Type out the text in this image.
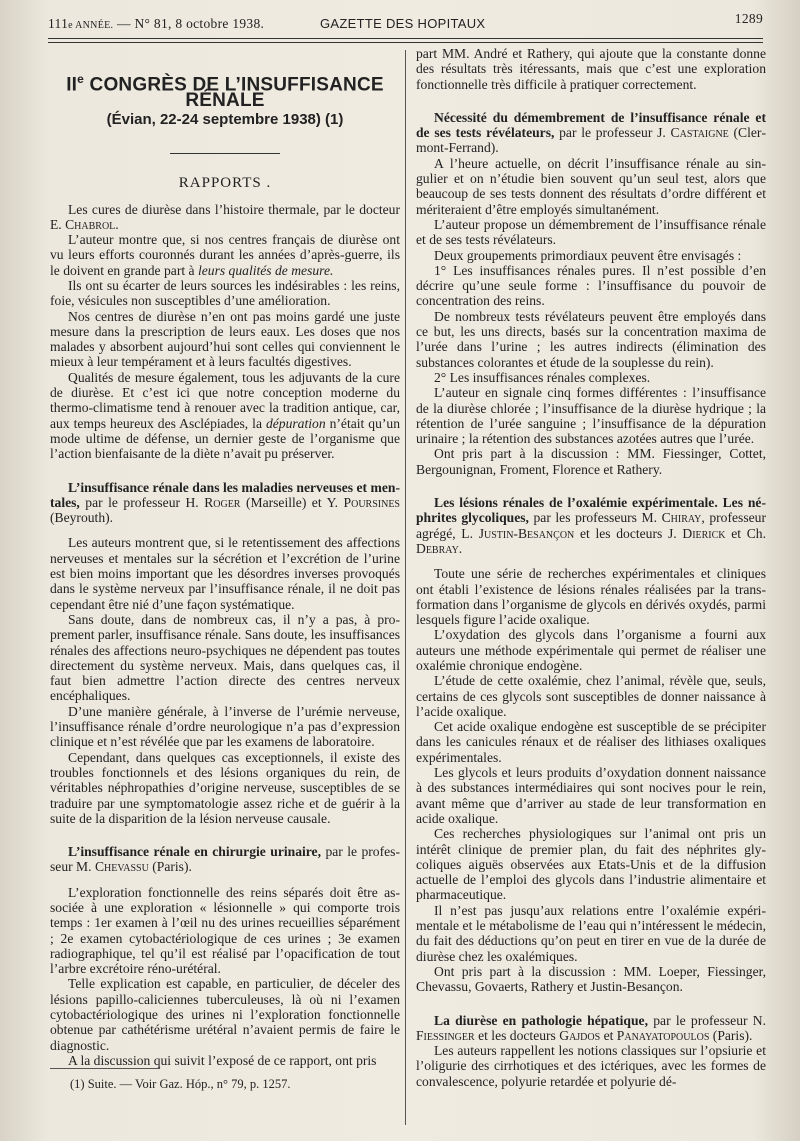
111e ANNÉE. — N° 81, 8 octobre 1938.	GAZETTE DES HOPITAUX	1289
IIe CONGRÈS DE L’INSUFFISANCE RÉNALE
(Évian, 22-24 septembre 1938) (1)
RAPPORTS .

Les cures de diurèse dans l’histoire thermale, par le docteur E. Chabrol.

L’auteur montre que, si nos centres français de diurèse ont vu leurs efforts couronnés durant les années d’après-guerre, ils le doivent en grande part à leurs qualités de mesure.

Ils ont su écarter de leurs sources les indésirables : les reins, foie, vésicules non susceptibles d’une amélioration.

Nos centres de diurèse n’en ont pas moins gardé une juste mesure dans la prescription de leurs eaux. Les doses que nos malades y absorbent aujourd’hui sont celles qui conviennent le mieux à leur tempérament et à leurs facultés digestives.

Qualités de mesure également, tous les adjuvants de la cure de diurèse. Et c’est ici que notre conception moderne du thermo-climatisme tend à renouer avec la tradition antique, car, aux temps heureux des Asclépiades, la dépuration n’était qu’un mode ultime de défense, un dernier geste de l’organisme que l’action bienfaisante de la diète n’avait pu préserver.

L’insuffisance rénale dans les maladies nerveuses et mentales, par le professeur H. Roger (Marseille) et Y. Poursines (Beyrouth).

Les auteurs montrent que, si le retentissement des affections nerveuses et mentales sur la sécrétion et l’excrétion de l’urine est bien moins important que les désordres inverses provoqués dans le système nerveux par l’insuffisance rénale, il ne doit pas cependant être nié d’une façon systématique.

Sans doute, dans de nombreux cas, il n’y a pas, à proprement parler, insuffisance rénale. Sans doute, les insuffisances rénales des affections neuro-psychiques ne dépendent pas toutes directement du système nerveux. Mais, dans quelques cas, il faut bien admettre l’action directe des centres nerveux encéphaliques.

D’une manière générale, à l’inverse de l’urémie nerveuse, l’insuffisance rénale d’ordre neurologique n’a pas d’expression clinique et n’est révélée que par les examens de laboratoire.

Cependant, dans quelques cas exceptionnels, il existe des troubles fonctionnels et des lésions organiques du rein, de véritables néphropathies d’origine nerveuse, susceptibles de se traduire par une symptomatologie assez riche et de guérir à la suite de la disparition de la lésion nerveuse causale.

L’insuffisance rénale en chirurgie urinaire, par le professeur M. Chevassu (Paris).

L’exploration fonctionnelle des reins séparés doit être associée à une exploration « lésionnelle » qui comporte trois temps : 1er examen à l’œil nu des urines recueillies séparément ; 2e examen cytobactériologique de ces urines ; 3e examen radiographique, tel qu’il est réalisé par l’opacification de tout l’arbre excrétoire réno-urétéral.

Telle explication est capable, en particulier, de déceler des lésions papillo-caliciennes tuberculeuses, là où ni l’examen cytobactériologique des urines ni l’exploration fonctionnelle obtenue par cathétérisme urétéral n’avaient permis de faire le diagnostic.

A la discussion qui suivit l’exposé de ce rapport, ont pris

(1) Suite. — Voir Gaz. Hóp., n° 79, p. 1257.

part MM. André et Rathery, qui ajoute que la constante donne des résultats très itéressants, mais que c’est une exploration fonctionnelle très difficile à pratiquer correctement.

Nécessité du démembrement de l’insuffisance rénale et de ses tests révélateurs, par le professeur J. Castaigne (Clermont-Ferrand).

A l’heure actuelle, on décrit l’insuffisance rénale au singulier et on n’étudie bien souvent qu’un seul test, alors que beaucoup de ses tests donnent des résultats d’ordre différent et mériteraient d’être employés simultanément.

L’auteur propose un démembrement de l’insuffisance rénale et de ses tests révélateurs.

Deux groupements primordiaux peuvent être envisagés :

1° Les insuffisances rénales pures. Il n’est possible d’en décrire qu’une seule forme : l’insuffisance du pouvoir de concentration des reins.

De nombreux tests révélateurs peuvent être employés dans ce but, les uns directs, basés sur la concentration maxima de l’urée dans l’urine ; les autres indirects (élimination des substances colorantes et étude de la souplesse du rein).

2° Les insuffisances rénales complexes.

L’auteur en signale cinq formes différentes : l’insuffisance de la diurèse chlorée ; l’insuffisance de la diurèse hydrique ; la rétention de l’urée sanguine ; l’insuffisance de la dépuration urinaire ; la rétention des substances azotées autres que l’urée.

Ont pris part à la discussion : MM. Fiessinger, Cottet, Bergounignan, Froment, Florence et Rathery.

Les lésions rénales de l’oxalémie expérimentale. Les néphrites glycoliques, par les professeurs M. Chiray, professeur agrégé, L. Justin-Besançon et les docteurs J. Dierick et Ch. Debray.

Toute une série de recherches expérimentales et cliniques ont établi l’existence de lésions rénales réalisées par la transformation dans l’organisme de glycols en dérivés oxydés, parmi lesquels figure l’acide oxalique.

L’oxydation des glycols dans l’organisme a fourni aux auteurs une méthode expérimentale qui permet de réaliser une oxalémie chronique endogène.

L’étude de cette oxalémie, chez l’animal, révèle que, seuls, certains de ces glycols sont susceptibles de donner naissance à l’acide oxalique.

Cet acide oxalique endogène est susceptible de se précipiter dans les canicules rénaux et de réaliser des lithiases oxaliques expérimentales.

Les glycols et leurs produits d’oxydation donnent naissance à des substances intermédiaires qui sont nocives pour le rein, avant même que d’arriver au stade de leur transformation en acide oxalique.

Ces recherches physiologiques sur l’animal ont pris un intérêt clinique de premier plan, du fait des néphrites glycoliques aiguës observées aux Etats-Unis et de la diffusion actuelle de l’emploi des glycols dans l’industrie alimentaire et pharmaceutique.

Il n’est pas jusqu’aux relations entre l’oxalémie expérimentale et le métabolisme de l’eau qui n’intéressent le médecin, du fait des déductions qu’on peut en tirer en vue de la durée de diurèse chez les oxalémiques.

Ont pris part à la discussion : MM. Loeper, Fiessinger, Chevassu, Govaerts, Rathery et Justin-Besançon.

La diurèse en pathologie hépatique, par le professeur N. Fiessinger et les docteurs Gajdos et Panayatopoulos (Paris).

Les auteurs rappellent les notions classiques sur l’opsiurie et l’oligurie des cirrhotiques et des ictériques, avec les formes de convalescence, polyurie retardée et polyurie dé-
